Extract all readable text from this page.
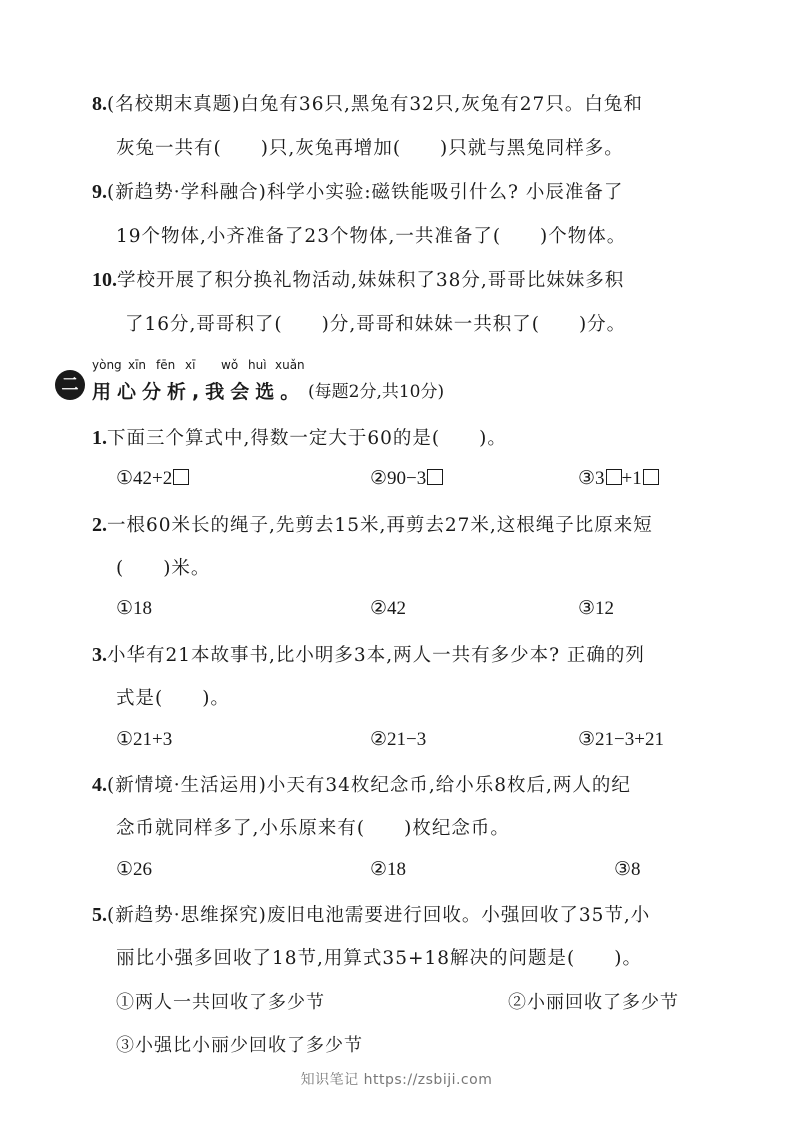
8.(名校期末真题)白兔有36只,黑兔有32只,灰兔有27只。白兔和
灰兔一共有(  )只,灰兔再增加(  )只就与黑兔同样多。
9.(新趋势·学科融合)科学小实验:磁铁能吸引什么? 小辰准备了
19个物体,小齐准备了23个物体,一共准备了(  )个物体。
10.学校开展了积分换礼物活动,妹妹积了38分,哥哥比妹妹多积
了16分,哥哥积了(  )分,哥哥和妹妹一共积了(  )分。
二
yòng xīn fēn xī wǒ huì xuǎn
用心分析,我会选。 (每题2分,共10分)
1.下面三个算式中,得数一定大于60的是(  )。
①42+2	②90−3	③3 +1
2.一根60米长的绳子,先剪去15米,再剪去27米,这根绳子比原来短
(  )米。
①18	②42	③12
3.小华有21本故事书,比小明多3本,两人一共有多少本? 正确的列
式是(  )。
①21+3	②21−3	③21−3+21
4.(新情境·生活运用)小天有34枚纪念币,给小乐8枚后,两人的纪
念币就同样多了,小乐原来有(  )枚纪念币。
①26	②18	③8
5.(新趋势·思维探究)废旧电池需要进行回收。小强回收了35节,小
丽比小强多回收了18节,用算式35+18解决的问题是(  )。
①两人一共回收了多少节	②小丽回收了多少节
③小强比小丽少回收了多少节
知识笔记 https://zsbiji.com
